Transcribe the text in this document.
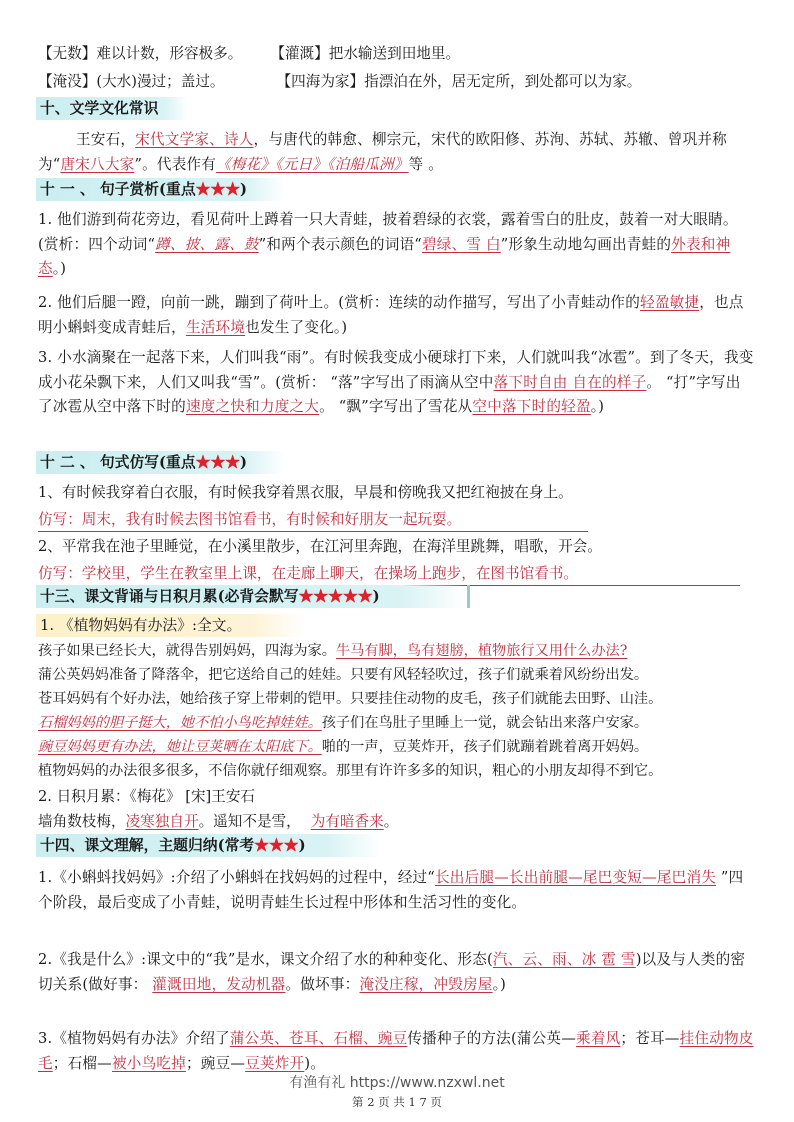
【无数】难以计数，形容极多。 【灌溉】把水输送到田地里。
【淹没】(大水)漫过；盖过。	【四海为家】指漂泊在外，居无定所，到处都可以为家。
十、文学文化常识
王安石，宋代文学家、诗人，与唐代的韩愈、柳宗元，宋代的欧阳修、苏洵、苏轼、苏辙、曾巩并称为“唐宋八大家”。代表作有《梅花》《元日》《泊船瓜洲》等 。
十 一 、 句子赏析(重点★★★)
1. 他们游到荷花旁边，看见荷叶上蹲着一只大青蛙，披着碧绿的衣裳，露着雪白的肚皮，鼓着一对大眼睛。(赏析：四个动词“蹲、披、露、鼓”和两个表示颜色的词语“碧绿、雪 白”形象生动地勾画出青蛙的外表和神态。)
2. 他们后腿一蹬，向前一跳，蹦到了荷叶上。(赏析：连续的动作描写，写出了小青蛙动作的轻盈敏捷，也点明小蝌蚪变成青蛙后，生活环境也发生了变化。)
3. 小水滴聚在一起落下来，人们叫我“雨”。有时候我变成小硬球打下来，人们就叫我“冰雹”。到了冬天，我变成小花朵飘下来，人们又叫我“雪”。(赏析： “落”字写出了雨滴从空中落下时自由 自在的样子。 “打”字写出了冰雹从空中落下时的速度之快和力度之大。 “飘”字写出了雪花从空中落下时的轻盈。)
十 二 、 句式仿写(重点★★★)
1、有时候我穿着白衣服，有时候我穿着黑衣服，早晨和傍晚我又把红袍披在身上。
仿写：周末，我有时候去图书馆看书，有时候和好朋友一起玩耍。
2、平常我在池子里睡觉，在小溪里散步，在江河里奔跑，在海洋里跳舞，唱歌，开会。
仿写：学校里，学生在教室里上课，在走廊上聊天，在操场上跑步，在图书馆看书。
十三、课文背诵与日积月累(必背会默写★★★★★)
1. 《植物妈妈有办法》:全文。
孩子如果已经长大，就得告别妈妈，四海为家。牛马有脚，鸟有翅膀，植物旅行又用什么办法?
蒲公英妈妈准备了降落伞，把它送给自己的娃娃。只要有风轻轻吹过，孩子们就乘着风纷纷出发。
苍耳妈妈有个好办法，她给孩子穿上带刺的铠甲。只要挂住动物的皮毛，孩子们就能去田野、山洼。
石榴妈妈的胆子挺大，她不怕小鸟吃掉娃娃。孩子们在鸟肚子里睡上一觉，就会钻出来落户安家。
豌豆妈妈更有办法，她让豆荚晒在太阳底下。啪的一声，豆荚炸开，孩子们就蹦着跳着离开妈妈。
植物妈妈的办法很多很多，不信你就仔细观察。那里有许许多多的知识，粗心的小朋友却得不到它。
2. 日积月累：《梅花》 [宋]王安石
墙角数枝梅，凌寒独自开。遥知不是雪， 为有暗香来。
十四、课文理解，主题归纳(常考★★★)
1.《小蝌蚪找妈妈》:介绍了小蝌蚪在找妈妈的过程中，经过“长出后腿—长出前腿—尾巴变短—尾巴消失 ”四个阶段，最后变成了小青蛙，说明青蛙生长过程中形体和生活习性的变化。
2.《我是什么》:课文中的“我”是水，课文介绍了水的种种变化、形态(汽、云、雨、冰 雹 雪)以及与人类的密切关系(做好事： 灌溉田地，发动机器。做坏事：淹没庄稼，冲毁房屋。)
3.《植物妈妈有办法》介绍了蒲公英、苍耳、石榴、豌豆传播种子的方法(蒲公英—乘着风；苍耳—挂住动物皮毛；石榴—被小鸟吃掉；豌豆—豆荚炸开)。
有渔有礼 https://www.nzxwl.net
第 2 页 共 1 7 页
